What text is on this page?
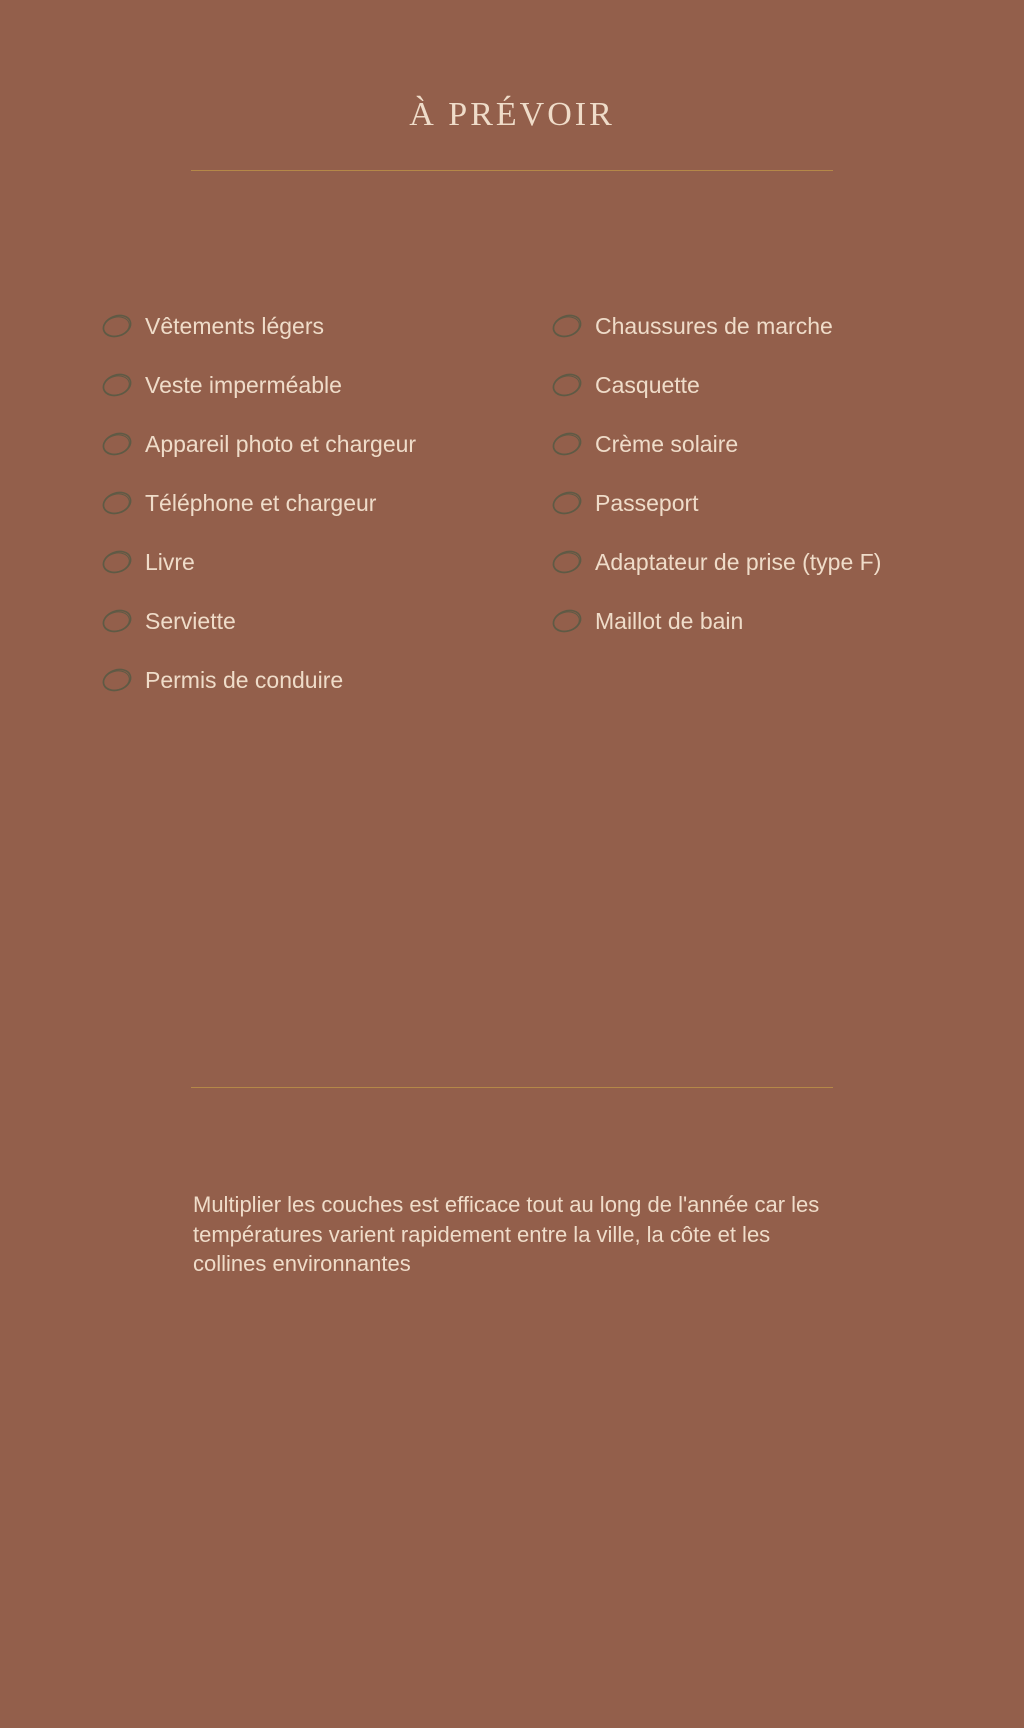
À PRÉVOIR
Vêtements légers
Veste imperméable
Appareil photo et chargeur
Téléphone et chargeur
Livre
Serviette
Permis de conduire
Chaussures de marche
Casquette
Crème solaire
Passeport
Adaptateur de prise (type F)
Maillot de bain

Multiplier les couches est efficace tout au long de l'année car les températures varient rapidement entre la ville, la côte et les collines environnantes
